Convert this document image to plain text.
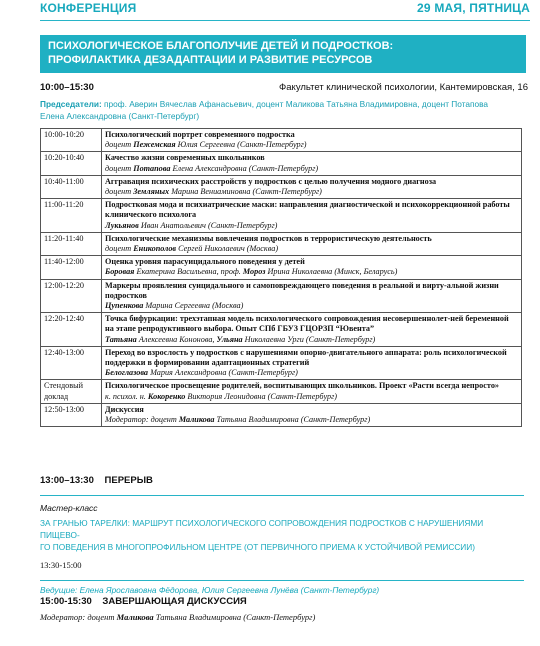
КОНФЕРЕНЦИЯ	29 МАЯ, ПЯТНИЦА
ПСИХОЛОГИЧЕСКОЕ БЛАГОПОЛУЧИЕ ДЕТЕЙ И ПОДРОСТКОВ:
ПРОФИЛАКТИКА ДЕЗАДАПТАЦИИ И РАЗВИТИЕ РЕСУРСОВ
10:00–15:30	Факультет клинической психологии, Кантемировская, 16
Председатели: проф. Аверин Вячеслав Афанасьевич, доцент Маликова Татьяна Владимировна, доцент Потапова
Елена Александровна (Санкт-Петербург)
10:00-10:20	Психологический портрет современного подростка
доцент Пежемская Юлия Сергеевна (Санкт-Петербург)

10:20-10:40	Качество жизни современных школьников
доцент Потапова Елена Александровна (Санкт-Петербург)

10:40-11:00	Аггравация психических расстройств у подростков с целью получения модного диагноза
доцент Земляных Марина Вениаминовна (Санкт-Петербург)

11:00-11:20	Подростковая мода и психиатрические маски: направления диагностической и психокоррекционной работы клинического психолога
Лукьянов Иван Анатольевич (Санкт-Петербург)

11:20-11:40	Психологические механизмы вовлечения подростков в террористическую деятельность
доцент Еникополов Сергей Николаевич (Москва)

11:40-12:00	Оценка уровня парасуицидального поведения у детей
Боровая Екатерина Васильевна, проф. Мороз Ирина Николаевна (Минск, Беларусь)

12:00-12:20	Маркеры проявления суицидального и самоповреждающего поведения в реальной и вирту-альной жизни подростков
Цупенкова Марина Сергеевна (Москва)

12:20-12:40	Точка бифуркации: трехэтапная модель психологического сопровождения несовершеннолет-ней беременной на этапе репродуктивного выбора. Опыт СПб ГБУЗ ГЦОРЗП “Ювента”
Татьяна Алексеевна Кононова, Ульяна Николаевна Урги (Санкт-Петербург)

12:40-13:00	Переход во взрослость у подростков с нарушениями опорно-двигательного аппарата: роль психологической поддержки в формировании адаптационных стратегий
Белоглазова Мария Александровна (Санкт-Петербург)

Стендовый доклад	Психологическое просвещение родителей, воспитывающих школьников. Проект «Расти всегда непросто»
к. психол. н. Кокоренко Виктория Леонидовна (Санкт-Петербург)

12:50-13:00	Дискуссия
Модератор: доцент Маликова Татьяна Владимировна (Санкт-Петербург)
13:00–13:30 ПЕРЕРЫВ
Мастер-класс
ЗА ГРАНЬЮ ТАРЕЛКИ: МАРШРУТ ПСИХОЛОГИЧЕСКОГО СОПРОВОЖДЕНИЯ ПОДРОСТКОВ С НАРУШЕНИЯМИ ПИЩЕВО-
ГО ПОВЕДЕНИЯ В МНОГОПРОФИЛЬНОМ ЦЕНТРЕ (ОТ ПЕРВИЧНОГО ПРИЕМА К УСТОЙЧИВОЙ РЕМИССИИ)
13:30-15:00
Ведущие: Елена Ярославовна Фёдорова, Юлия Сергеевна Лунёва (Санкт-Петербург)
15:00-15:30 ЗАВЕРШАЮЩАЯ ДИСКУССИЯ
Модератор: доцент Маликова Татьяна Владимировна (Санкт-Петербург)
